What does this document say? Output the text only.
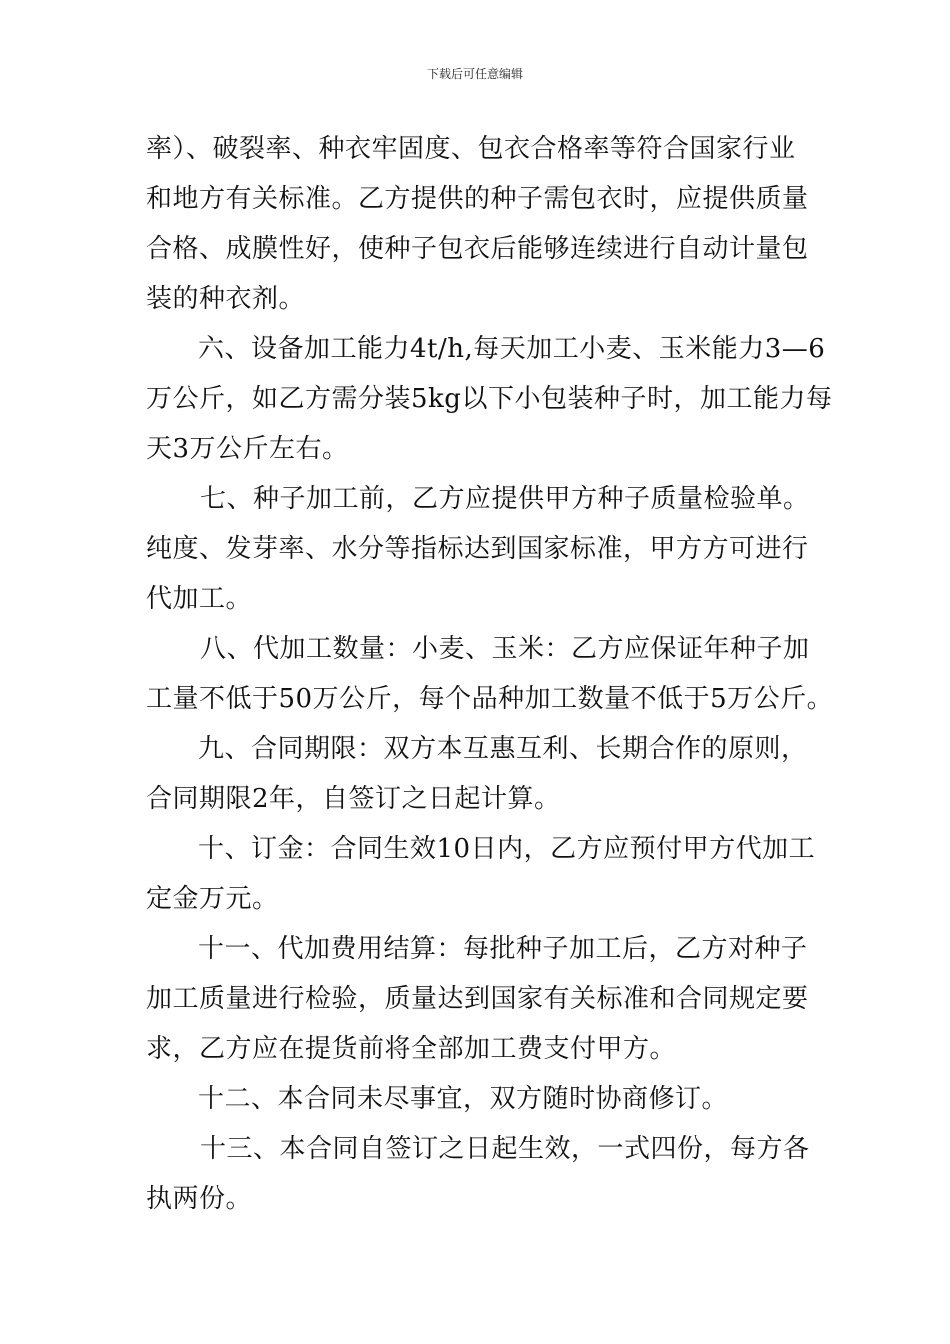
下载后可任意编辑

率）、破裂率、种衣牢固度、包衣合格率等符合国家行业
和地方有关标准。乙方提供的种子需包衣时，应提供质量
合格、成膜性好，使种子包衣后能够连续进行自动计量包
装的种衣剂。

六、设备加工能力4t/h,每天加工小麦、玉米能力3—6
万公斤，如乙方需分装5kg以下小包装种子时，加工能力每
天3万公斤左右。

七、种子加工前，乙方应提供甲方种子质量检验单。
纯度、发芽率、水分等指标达到国家标准，甲方方可进行
代加工。

八、代加工数量：小麦、玉米：乙方应保证年种子加
工量不低于50万公斤，每个品种加工数量不低于5万公斤。

九、合同期限：双方本互惠互利、长期合作的原则，
合同期限2年，自签订之日起计算。

十、订金：合同生效10日内，乙方应预付甲方代加工
定金万元。

十一、代加费用结算：每批种子加工后，乙方对种子
加工质量进行检验，质量达到国家有关标准和合同规定要
求，乙方应在提货前将全部加工费支付甲方。

十二、本合同未尽事宜，双方随时协商修订。

十三、本合同自签订之日起生效，一式四份，每方各
执两份。
